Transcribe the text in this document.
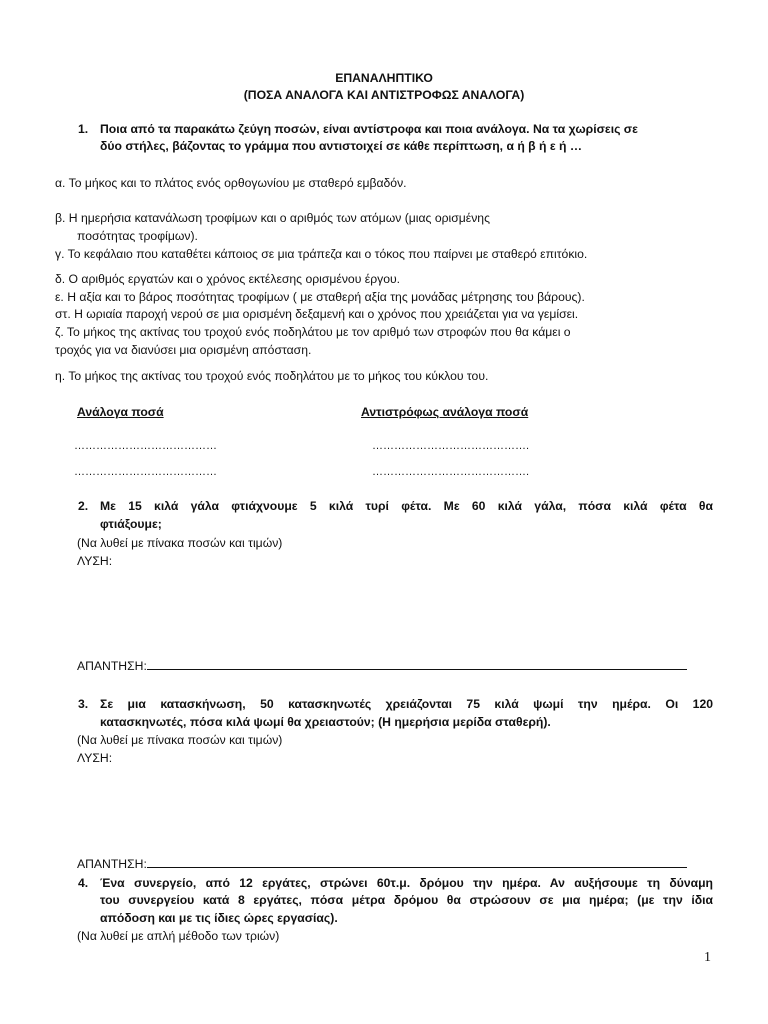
ΕΠΑΝΑΛΗΠΤΙΚΟ
(ΠΟΣΑ ΑΝΑΛΟΓΑ ΚΑΙ ΑΝΤΙΣΤΡΟΦΩΣ ΑΝΑΛΟΓΑ)
1. Ποια από τα παρακάτω ζεύγη ποσών, είναι αντίστροφα και ποια ανάλογα. Να τα χωρίσεις σε
δύο στήλες, βάζοντας το γράμμα που αντιστοιχεί σε κάθε περίπτωση, α ή β ή ε ή …
α. Το μήκος και το πλάτος ενός ορθογωνίου με σταθερό εμβαδόν.
β. Η ημερήσια κατανάλωση τροφίμων και ο αριθμός των ατόμων (μιας ορισμένης
ποσότητας τροφίμων).
γ. Το κεφάλαιο που καταθέτει κάποιος σε μια τράπεζα και ο τόκος που παίρνει με σταθερό επιτόκιο.
δ. Ο αριθμός εργατών και ο χρόνος εκτέλεσης ορισμένου έργου.
ε. Η αξία και το βάρος ποσότητας τροφίμων ( με σταθερή αξία της μονάδας μέτρησης του βάρους).
στ. Η ωριαία παροχή νερού σε μια ορισμένη δεξαμενή και ο χρόνος που χρειάζεται για να γεμίσει.
ζ. Το μήκος της ακτίνας του τροχού ενός ποδηλάτου με τον αριθμό των στροφών που θα κάμει ο
τροχός για να διανύσει μια ορισμένη απόσταση.
η. Το μήκος της ακτίνας του τροχού ενός ποδηλάτου με το μήκος του κύκλου του.
Ανάλογα ποσά	Αντιστρόφως ανάλογα ποσά
…………………………………	…………………………………….
…………………………………	…………………………………….
2. Με 15 κιλά γάλα φτιάχνουμε 5 κιλά τυρί φέτα. Με 60 κιλά γάλα, πόσα κιλά φέτα θα
φτιάξουμε;
(Να λυθεί με πίνακα ποσών και τιμών)
ΛΥΣΗ:
ΑΠΑΝΤΗΣΗ:
3. Σε μια κατασκήνωση, 50 κατασκηνωτές χρειάζονται 75 κιλά ψωμί την ημέρα. Οι 120
κατασκηνωτές, πόσα κιλά ψωμί θα χρειαστούν; (Η ημερήσια μερίδα σταθερή).
(Να λυθεί με πίνακα ποσών και τιμών)
ΛΥΣΗ:
ΑΠΑΝΤΗΣΗ:
4. Ένα συνεργείο, από 12 εργάτες, στρώνει 60τ.μ. δρόμου την ημέρα. Αν αυξήσουμε τη δύναμη
του συνεργείου κατά 8 εργάτες, πόσα μέτρα δρόμου θα στρώσουν σε μια ημέρα; (με την ίδια
απόδοση και με τις ίδιες ώρες εργασίας).
(Να λυθεί με απλή μέθοδο των τριών)
1
